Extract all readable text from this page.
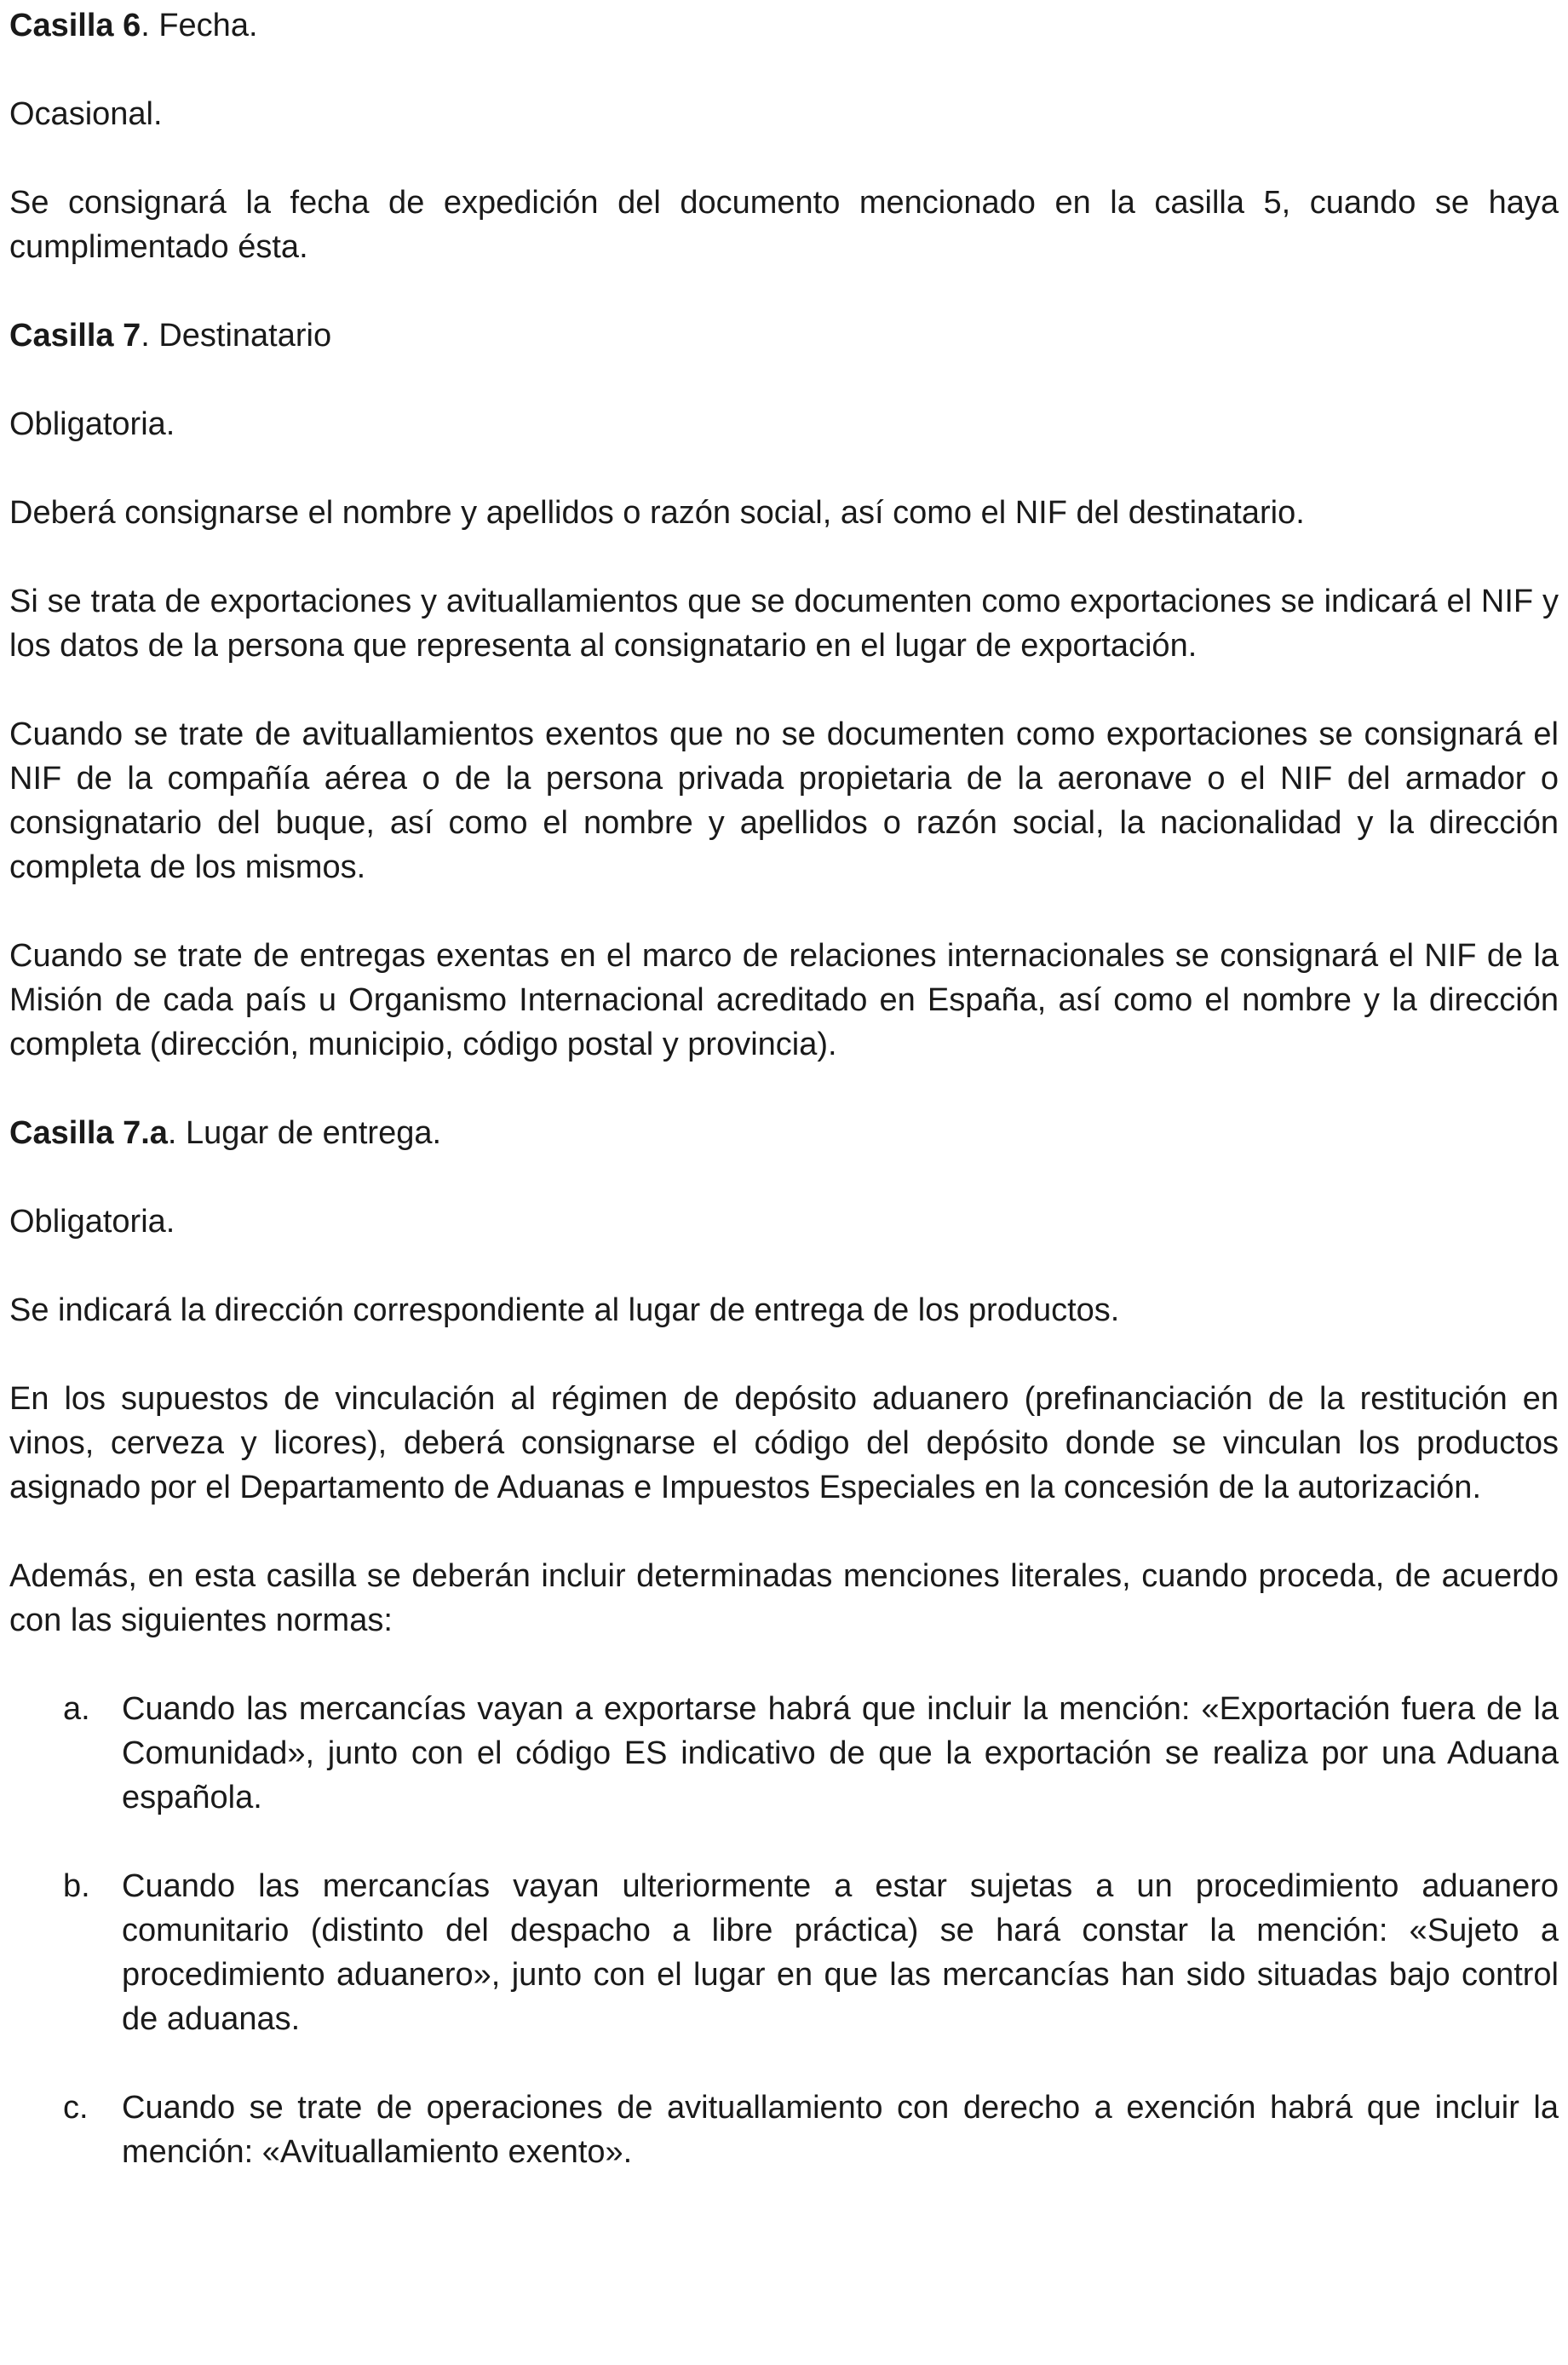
Casilla 6. Fecha.

Ocasional.

Se consignará la fecha de expedición del documento mencionado en la casilla 5, cuando se haya cumplimentado ésta.

Casilla 7. Destinatario

Obligatoria.

Deberá consignarse el nombre y apellidos o razón social, así como el NIF del destinatario.

Si se trata de exportaciones y avituallamientos que se documenten como exportaciones se indicará el NIF y los datos de la persona que representa al consignatario en el lugar de exportación.

Cuando se trate de avituallamientos exentos que no se documenten como exportaciones se consignará el NIF de la compañía aérea o de la persona privada propietaria de la aeronave o el NIF del armador o consignatario del buque, así como el nombre y apellidos o razón social, la nacionalidad y la dirección completa de los mismos.

Cuando se trate de entregas exentas en el marco de relaciones internacionales se consignará el NIF de la Misión de cada país u Organismo Internacional acreditado en España, así como el nombre y la dirección completa (dirección, municipio, código postal y provincia).

Casilla 7.a. Lugar de entrega.

Obligatoria.

Se indicará la dirección correspondiente al lugar de entrega de los productos.

En los supuestos de vinculación al régimen de depósito aduanero (prefinanciación de la restitución en vinos, cerveza y licores), deberá consignarse el código del depósito donde se vinculan los productos asignado por el Departamento de Aduanas e Impuestos Especiales en la concesión de la autorización.

Además, en esta casilla se deberán incluir determinadas menciones literales, cuando proceda, de acuerdo con las siguientes normas:

a. Cuando las mercancías vayan a exportarse habrá que incluir la mención: «Exportación fuera de la Comunidad», junto con el código ES indicativo de que la exportación se realiza por una Aduana española.
b. Cuando las mercancías vayan ulteriormente a estar sujetas a un procedimiento aduanero comunitario (distinto del despacho a libre práctica) se hará constar la mención: «Sujeto a procedimiento aduanero», junto con el lugar en que las mercancías han sido situadas bajo control de aduanas.
c. Cuando se trate de operaciones de avituallamiento con derecho a exención habrá que incluir la mención: «Avituallamiento exento».
